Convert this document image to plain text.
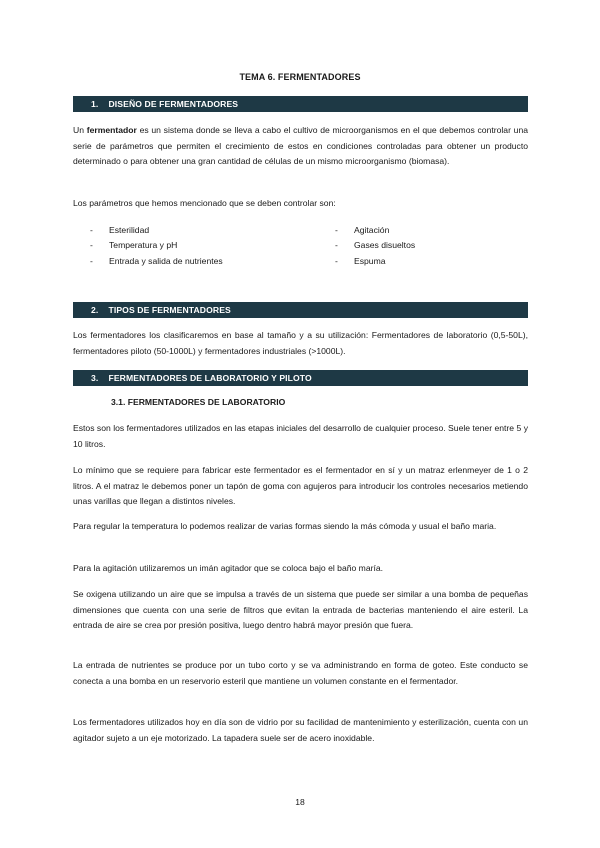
TEMA 6. FERMENTADORES
1. DISEÑO DE FERMENTADORES

Un fermentador es un sistema donde se lleva a cabo el cultivo de microorganismos en el que debemos controlar una serie de parámetros que permiten el crecimiento de estos en condiciones controladas para obtener un producto determinado o para obtener una gran cantidad de células de un mismo microorganismo (biomasa).

Los parámetros que hemos mencionado que se deben controlar son:

- Esterilidad
- Temperatura y pH
- Entrada y salida de nutrientes
- Agitación
- Gases disueltos
- Espuma
2. TIPOS DE FERMENTADORES

Los fermentadores los clasificaremos en base al tamaño y a su utilización: Fermentadores de laboratorio (0,5-50L), fermentadores piloto (50-1000L) y fermentadores industriales (>1000L).

3. FERMENTADORES DE LABORATORIO Y PILOTO
3.1. FERMENTADORES DE LABORATORIO

Estos son los fermentadores utilizados en las etapas iniciales del desarrollo de cualquier proceso. Suele tener entre 5 y 10 litros.

Lo mínimo que se requiere para fabricar este fermentador es el fermentador en sí y un matraz erlenmeyer de 1 o 2 litros. A el matraz le debemos poner un tapón de goma con agujeros para introducir los controles necesarios metiendo unas varillas que llegan a distintos niveles.

Para regular la temperatura lo podemos realizar de varias formas siendo la más cómoda y usual el baño maria.

Para la agitación utilizaremos un imán agitador que se coloca bajo el baño maría.

Se oxigena utilizando un aire que se impulsa a través de un sistema que puede ser similar a una bomba de pequeñas dimensiones que cuenta con una serie de filtros que evitan la entrada de bacterias manteniendo el aire esteril. La entrada de aire se crea por presión positiva, luego dentro habrá mayor presión que fuera.

La entrada de nutrientes se produce por un tubo corto y se va administrando en forma de goteo. Este conducto se conecta a una bomba en un reservorio esteril que mantiene un volumen constante en el fermentador.

Los fermentadores utilizados hoy en día son de vidrio por su facilidad de mantenimiento y esterilización, cuenta con un agitador sujeto a un eje motorizado. La tapadera suele ser de acero inoxidable.

18
